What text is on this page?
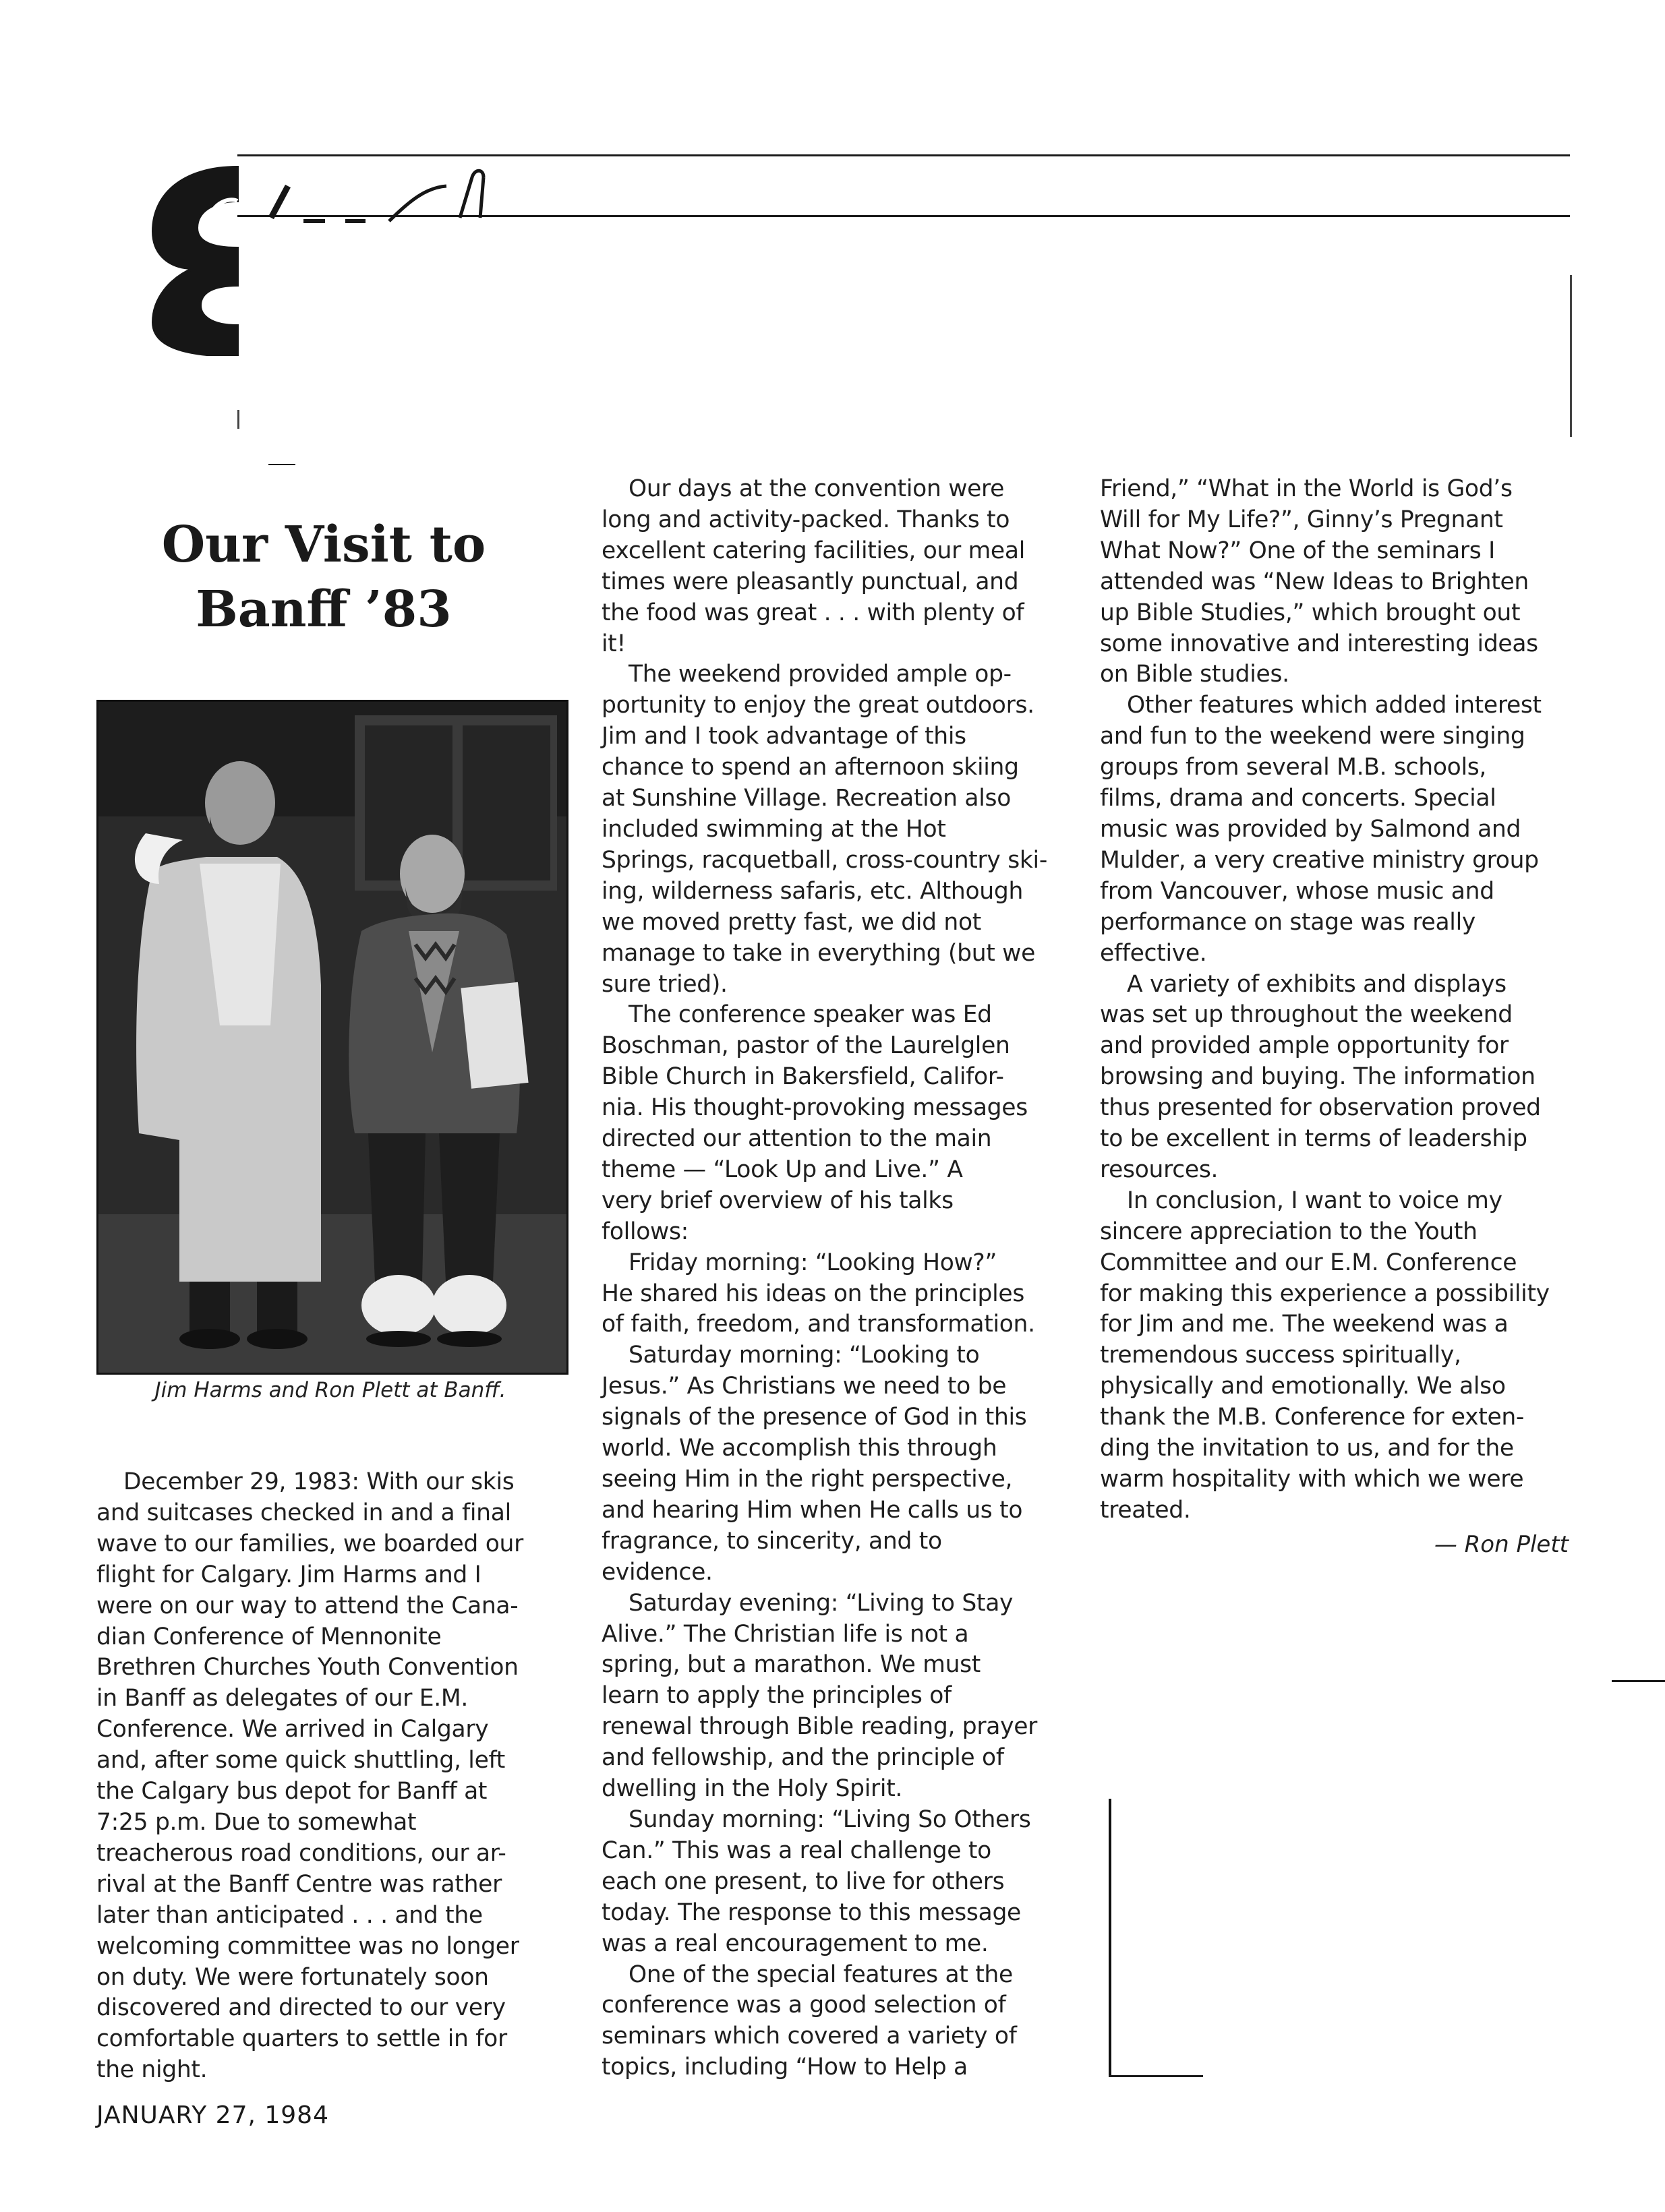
Our Visit to
Banff ’83
Jim Harms and Ron Plett at Banff.
December 29, 1983: With our skis
and suitcases checked in and a final
wave to our families, we boarded our
flight for Calgary. Jim Harms and I
were on our way to attend the Cana-
dian Conference of Mennonite
Brethren Churches Youth Convention
in Banff as delegates of our E.M.
Conference. We arrived in Calgary
and, after some quick shuttling, left
the Calgary bus depot for Banff at
7:25 p.m. Due to somewhat
treacherous road conditions, our ar-
rival at the Banff Centre was rather
later than anticipated . . . and the
welcoming committee was no longer
on duty. We were fortunately soon
discovered and directed to our very
comfortable quarters to settle in for
the night.
Our days at the convention were
long and activity-packed. Thanks to
excellent catering facilities, our meal
times were pleasantly punctual, and
the food was great . . . with plenty of
it!
The weekend provided ample op-
portunity to enjoy the great outdoors.
Jim and I took advantage of this
chance to spend an afternoon skiing
at Sunshine Village. Recreation also
included swimming at the Hot
Springs, racquetball, cross-country ski-
ing, wilderness safaris, etc. Although
we moved pretty fast, we did not
manage to take in everything (but we
sure tried).
The conference speaker was Ed
Boschman, pastor of the Laurelglen
Bible Church in Bakersfield, Califor-
nia. His thought-provoking messages
directed our attention to the main
theme — “Look Up and Live.” A
very brief overview of his talks
follows:
Friday morning: “Looking How?”
He shared his ideas on the principles
of faith, freedom, and transformation.
Saturday morning: “Looking to
Jesus.” As Christians we need to be
signals of the presence of God in this
world. We accomplish this through
seeing Him in the right perspective,
and hearing Him when He calls us to
fragrance, to sincerity, and to
evidence.
Saturday evening: “Living to Stay
Alive.” The Christian life is not a
spring, but a marathon. We must
learn to apply the principles of
renewal through Bible reading, prayer
and fellowship, and the principle of
dwelling in the Holy Spirit.
Sunday morning: “Living So Others
Can.” This was a real challenge to
each one present, to live for others
today. The response to this message
was a real encouragement to me.
One of the special features at the
conference was a good selection of
seminars which covered a variety of
topics, including “How to Help a
Friend,” “What in the World is God’s
Will for My Life?”, Ginny’s Pregnant
What Now?” One of the seminars I
attended was “New Ideas to Brighten
up Bible Studies,” which brought out
some innovative and interesting ideas
on Bible studies.
Other features which added interest
and fun to the weekend were singing
groups from several M.B. schools,
films, drama and concerts. Special
music was provided by Salmond and
Mulder, a very creative ministry group
from Vancouver, whose music and
performance on stage was really
effective.
A variety of exhibits and displays
was set up throughout the weekend
and provided ample opportunity for
browsing and buying. The information
thus presented for observation proved
to be excellent in terms of leadership
resources.
In conclusion, I want to voice my
sincere appreciation to the Youth
Committee and our E.M. Conference
for making this experience a possibility
for Jim and me. The weekend was a
tremendous success spiritually,
physically and emotionally. We also
thank the M.B. Conference for exten-
ding the invitation to us, and for the
warm hospitality with which we were
treated.
— Ron Plett
JANUARY 27, 1984
